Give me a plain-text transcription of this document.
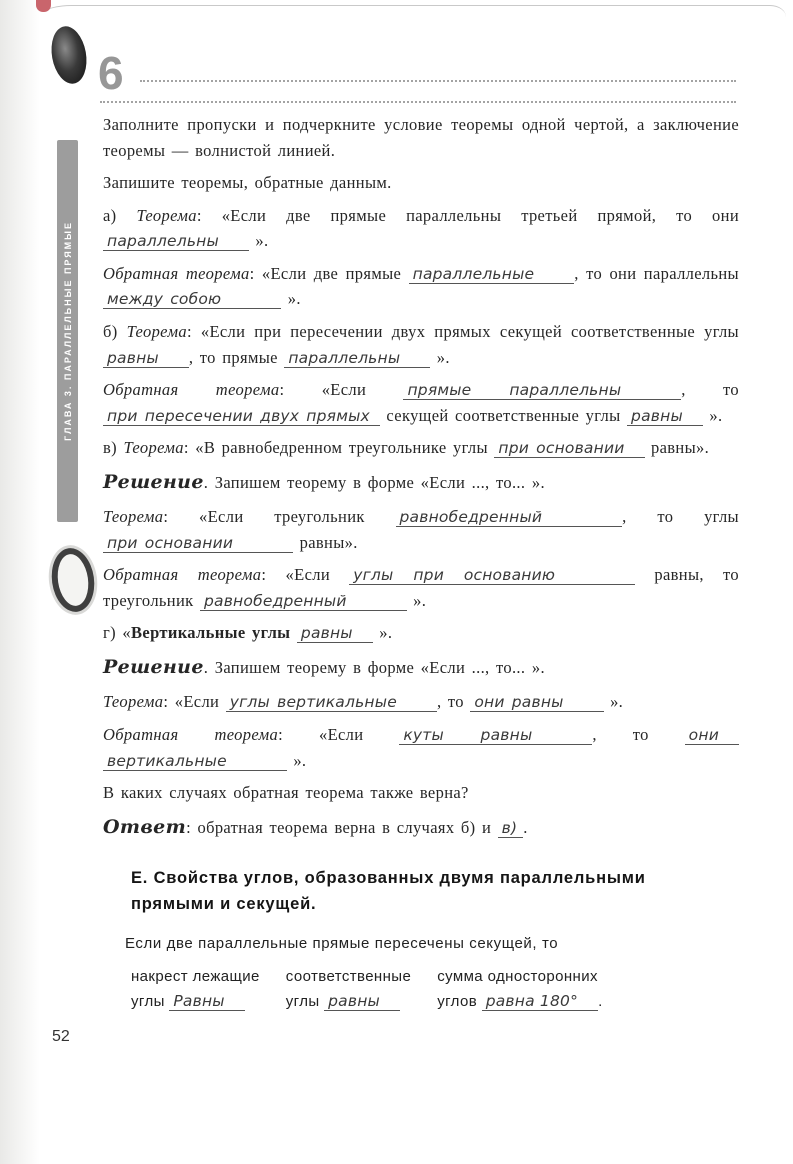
ГЛАВА 3. ПАРАЛЛЕЛЬНЫЕ ПРЯМЫЕ
6

Заполните пропуски и подчеркните условие теоремы одной чертой, а заключение теоремы — волнистой линией.

Запишите теоремы, обратные данным.

а) Теорема: «Если две прямые параллельны третьей прямой, то они параллельны ».

Обратная теорема: «Если две прямые параллельные , то они параллельны между собою	».

б) Теорема: «Если при пересечении двух прямых секущей соответственные углы равны , то прямые параллельны ».

Обратная теорема: «Если	прямые параллельны	, то при пересечении двух прямых секущей соответственные углы равны ».

в) Теорема: «В равнобедренном треугольнике углы при основании равны».

Решение. Запишем теорему в форме «Если ..., то... ».

Теорема: «Если треугольник равнобедренный	, то углы при основании	равны».

Обратная теорема: «Если углы при основанию	равны, то треугольник равнобедренный	».

г) «Вертикальные углы равны ».

Решение. Запишем теорему в форме «Если ..., то... ».

Теорема: «Если углы вертикальные , то они равны	».

Обратная теорема: «Если	куты равны	, то	они вертикальные	».

В каких случаях обратная теорема также верна?

Ответ: обратная теорема верна в случаях б) и в) .

Е. Свойства углов, образованных двумя параллельными прямыми и секущей.

Если две параллельные прямые пересечены секущей, то

накрест лежащие
углы Равны
соответственные
углы равны
сумма односторонних
углов равна 180° .
52
